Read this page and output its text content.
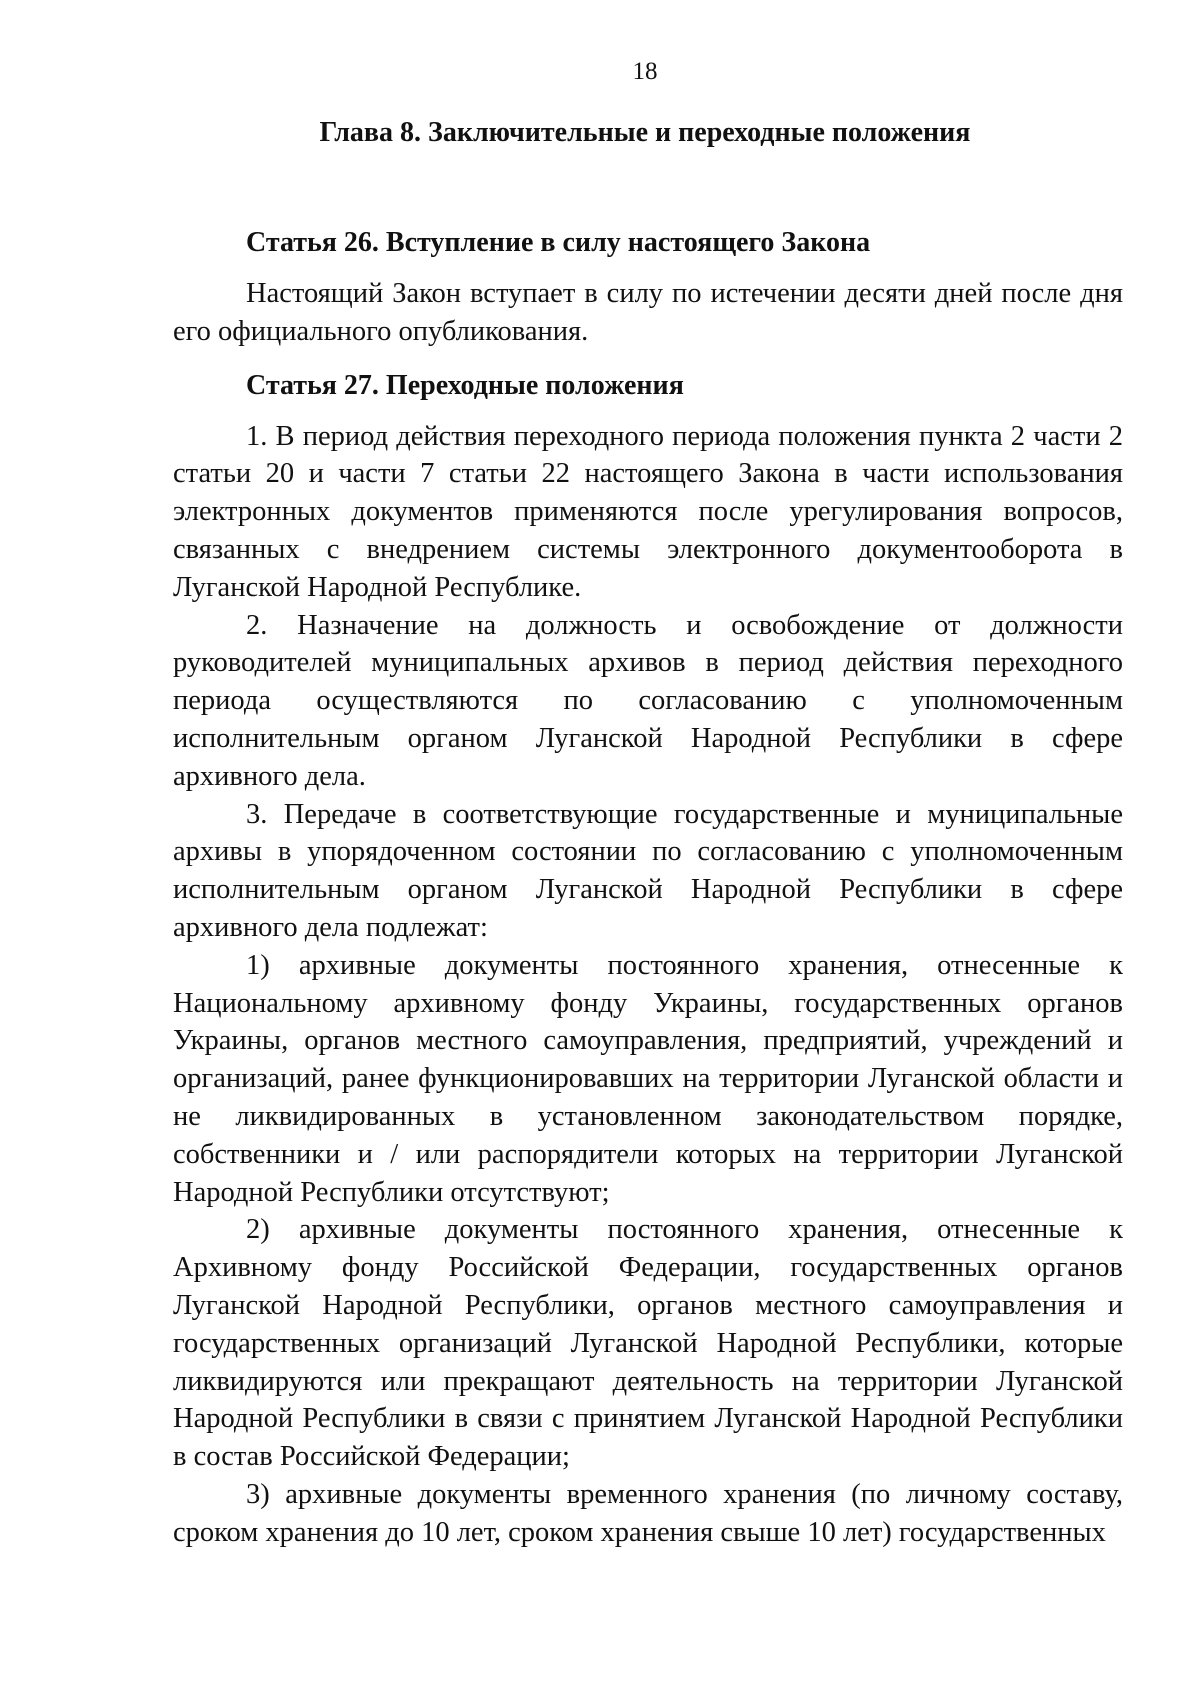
18
Глава 8. Заключительные и переходные положения
Статья 26. Вступление в силу настоящего Закона

Настоящий Закон вступает в силу по истечении десяти дней после дня его официального опубликования.

Статья 27. Переходные положения

1. В период действия переходного периода положения пункта 2 части 2 статьи 20 и части 7 статьи 22 настоящего Закона в части использования электронных документов применяются после урегулирования вопросов, связанных с внедрением системы электронного документооборота в Луганской Народной Республике.

2. Назначение на должность и освобождение от должности руководителей муниципальных архивов в период действия переходного периода осуществляются по согласованию с уполномоченным исполнительным органом Луганской Народной Республики в сфере архивного дела.

3. Передаче в соответствующие государственные и муниципальные архивы в упорядоченном состоянии по согласованию с уполномоченным исполнительным органом Луганской Народной Республики в сфере архивного дела подлежат:

1) архивные документы постоянного хранения, отнесенные к Национальному архивному фонду Украины, государственных органов Украины, органов местного самоуправления, предприятий, учреждений и организаций, ранее функционировавших на территории Луганской области и не ликвидированных в установленном законодательством порядке, собственники и / или распорядители которых на территории Луганской Народной Республики отсутствуют;

2) архивные документы постоянного хранения, отнесенные к Архивному фонду Российской Федерации, государственных органов Луганской Народной Республики, органов местного самоуправления и государственных организаций Луганской Народной Республики, которые ликвидируются или прекращают деятельность на территории Луганской Народной Республики в связи с принятием Луганской Народной Республики в состав Российской Федерации;

3) архивные документы временного хранения (по личному составу, сроком хранения до 10 лет, сроком хранения свыше 10 лет) государственных
